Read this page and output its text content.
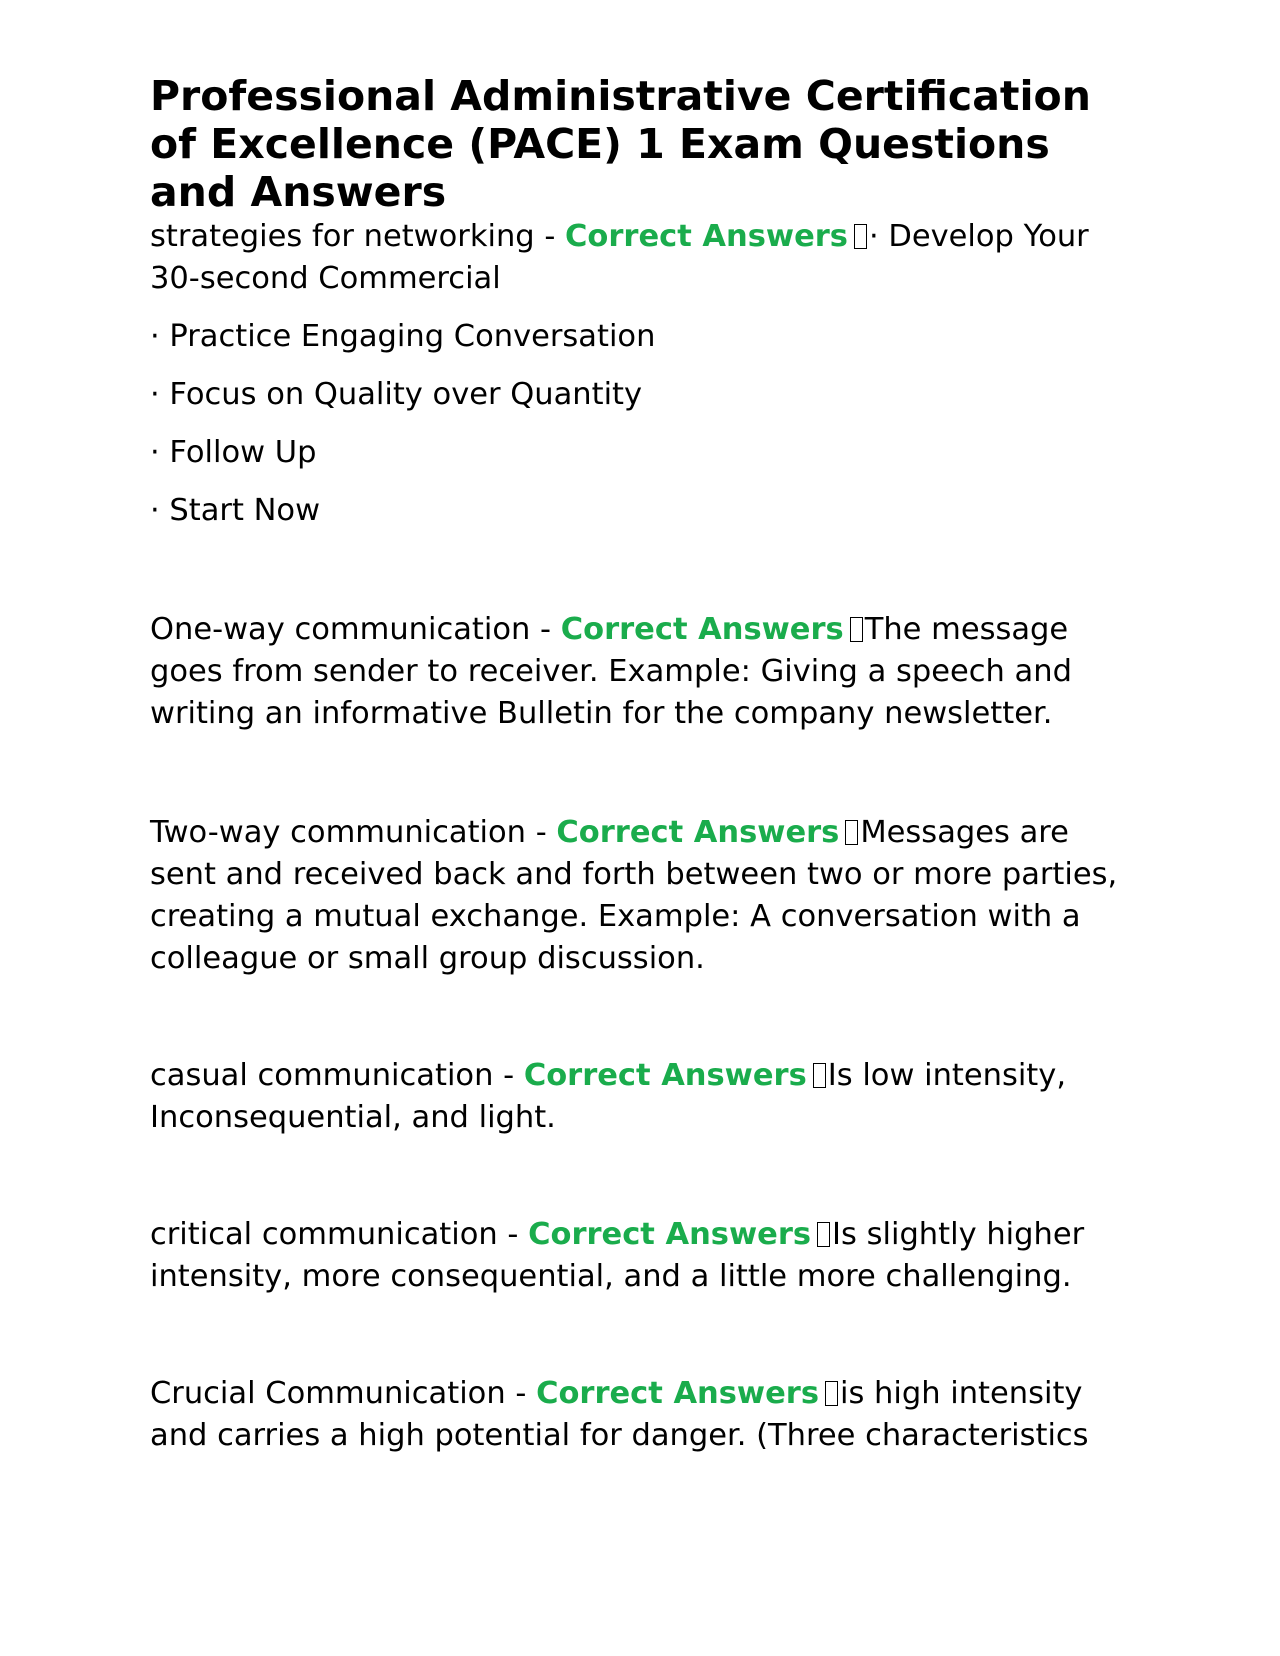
Professional Administrative Certification of Excellence (PACE) 1 Exam Questions and Answers

strategies for networking - Correct Answers · Develop Your 30-second Commercial

· Practice Engaging Conversation

· Focus on Quality over Quantity

· Follow Up

· Start Now

One-way communication - Correct Answers The message goes from sender to receiver. Example: Giving a speech and writing an informative Bulletin for the company newsletter.

Two-way communication - Correct Answers Messages are sent and received back and forth between two or more parties, creating a mutual exchange. Example: A conversation with a colleague or small group discussion.

casual communication - Correct Answers Is low intensity, Inconsequential, and light.

critical communication - Correct Answers Is slightly higher intensity, more consequential, and a little more challenging.

Crucial Communication - Correct Answers is high intensity and carries a high potential for danger. (Three characteristics
